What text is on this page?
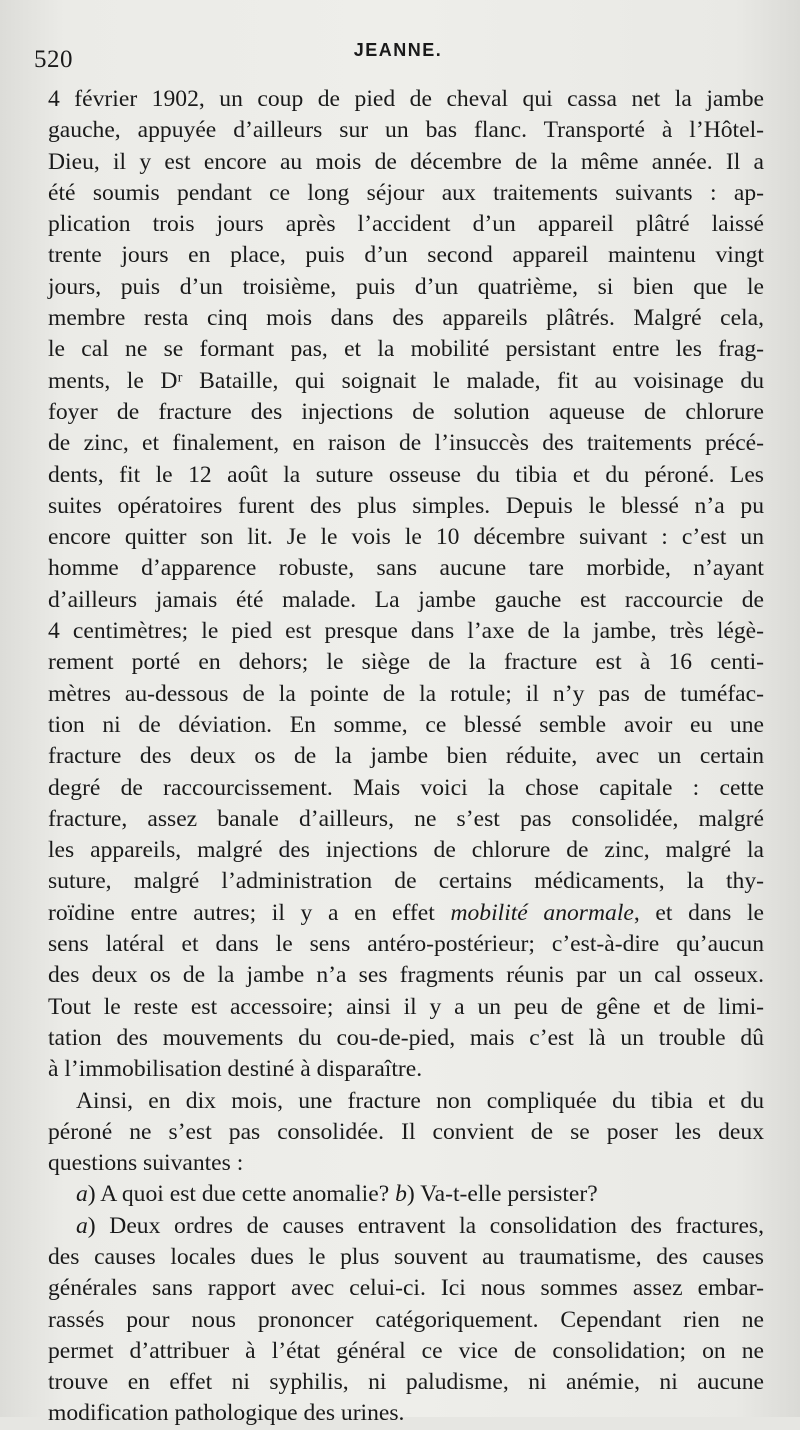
520	JEANNE.
4 février 1902, un coup de pied de cheval qui cassa net la jambe
gauche, appuyée d’ailleurs sur un bas flanc. Transporté à l’Hôtel-
Dieu, il y est encore au mois de décembre de la même année. Il a
été soumis pendant ce long séjour aux traitements suivants : ap-
plication trois jours après l’accident d’un appareil plâtré laissé
trente jours en place, puis d’un second appareil maintenu vingt
jours, puis d’un troisième, puis d’un quatrième, si bien que le
membre resta cinq mois dans des appareils plâtrés. Malgré cela,
le cal ne se formant pas, et la mobilité persistant entre les frag-
ments, le Dʳ Bataille, qui soignait le malade, fit au voisinage du
foyer de fracture des injections de solution aqueuse de chlorure
de zinc, et finalement, en raison de l’insuccès des traitements précé-
dents, fit le 12 août la suture osseuse du tibia et du péroné. Les
suites opératoires furent des plus simples. Depuis le blessé n’a pu
encore quitter son lit. Je le vois le 10 décembre suivant : c’est un
homme d’apparence robuste, sans aucune tare morbide, n’ayant
d’ailleurs jamais été malade. La jambe gauche est raccourcie de
4 centimètres; le pied est presque dans l’axe de la jambe, très légè-
rement porté en dehors; le siège de la fracture est à 16 centi-
mètres au-dessous de la pointe de la rotule; il n’y pas de tuméfac-
tion ni de déviation. En somme, ce blessé semble avoir eu une
fracture des deux os de la jambe bien réduite, avec un certain
degré de raccourcissement. Mais voici la chose capitale : cette
fracture, assez banale d’ailleurs, ne s’est pas consolidée, malgré
les appareils, malgré des injections de chlorure de zinc, malgré la
suture, malgré l’administration de certains médicaments, la thy-
roïdine entre autres; il y a en effet mobilité anormale, et dans le
sens latéral et dans le sens antéro-postérieur; c’est-à-dire qu’aucun
des deux os de la jambe n’a ses fragments réunis par un cal osseux.
Tout le reste est accessoire; ainsi il y a un peu de gêne et de limi-
tation des mouvements du cou-de-pied, mais c’est là un trouble dû
à l’immobilisation destiné à disparaître.
Ainsi, en dix mois, une fracture non compliquée du tibia et du
péroné ne s’est pas consolidée. Il convient de se poser les deux
questions suivantes :
a) A quoi est due cette anomalie? b) Va-t-elle persister?
a) Deux ordres de causes entravent la consolidation des fractures,
des causes locales dues le plus souvent au traumatisme, des causes
générales sans rapport avec celui-ci. Ici nous sommes assez embar-
rassés pour nous prononcer catégoriquement. Cependant rien ne
permet d’attribuer à l’état général ce vice de consolidation; on ne
trouve en effet ni syphilis, ni paludisme, ni anémie, ni aucune
modification pathologique des urines.
